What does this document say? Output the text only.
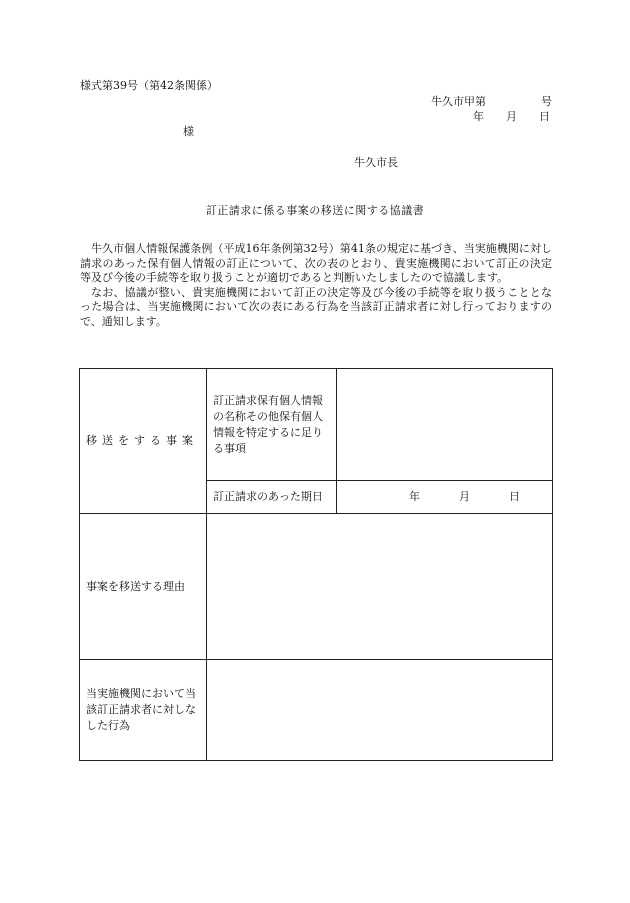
様式第39号（第42条関係）
牛久市甲第　　　　　号
年　　月　　日
様
牛久市長
訂正請求に係る事案の移送に関する協議書

牛久市個人情報保護条例（平成16年条例第32号）第41条の規定に基づき、当実施機関に対し請求のあった保有個人情報の訂正について、次の表のとおり、貴実施機関において訂正の決定等及び今後の手続等を取り扱うことが適切であると判断いたしましたので協議します。

なお、協議が整い、貴実施機関において訂正の決定等及び今後の手続等を取り扱うこととなった場合は、当実施機関において次の表にある行為を当該訂正請求者に対し行っておりますので、通知します。

移送をする事案	訂正請求保有個人情報の名称その他保有個人情報を特定するに足りる事項	
	訂正請求のあった期日	年 月 日

事案を移送する理由		
当実施機関において当該訂正請求者に対しなした行為		
